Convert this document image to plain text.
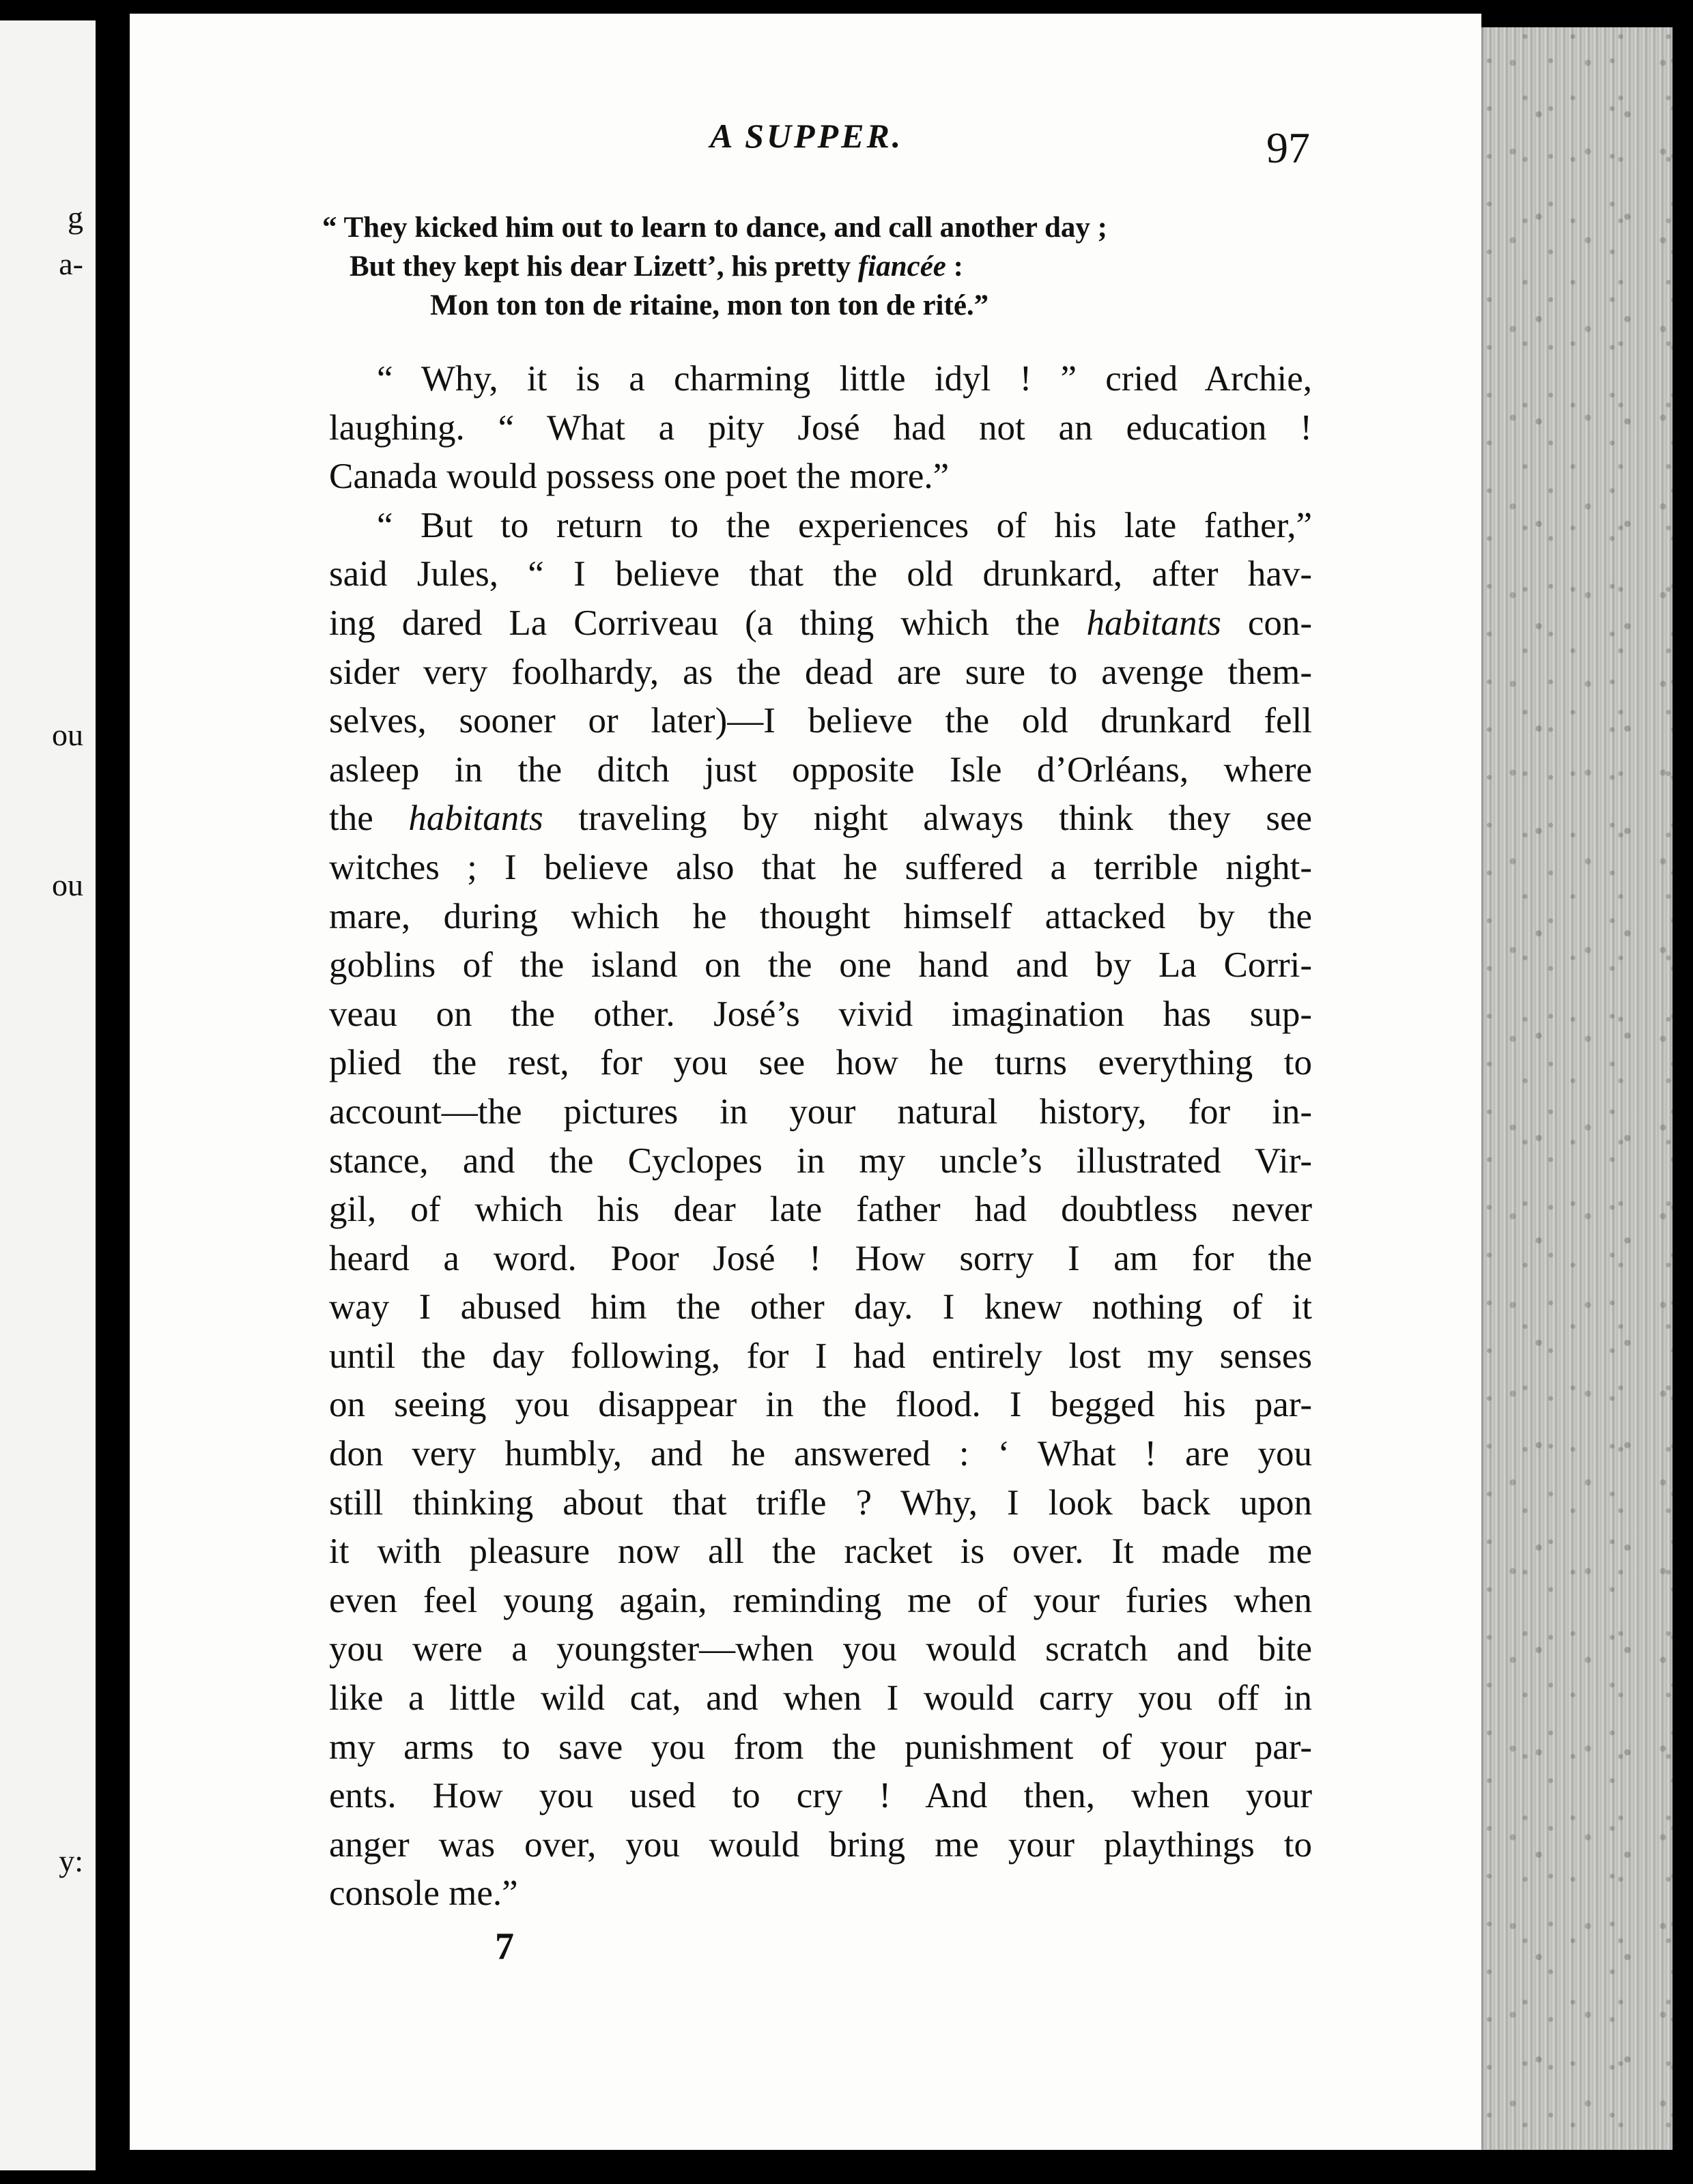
g
a-
ou
ou
y:
A SUPPER.	97
“ They kicked him out to learn to dance, and call another day ;
But they kept his dear Lizett’, his pretty fiancée :
Mon ton ton de ritaine, mon ton ton de rité.”
“ Why, it is a charming little idyl ! ” cried Archie,
laughing. “ What a pity José had not an education !
Canada would possess one poet the more.”
“ But to return to the experiences of his late father,”
said Jules, “ I believe that the old drunkard, after hav-
ing dared La Corriveau (a thing which the habitants con-
sider very foolhardy, as the dead are sure to avenge them-
selves, sooner or later)—I believe the old drunkard fell
asleep in the ditch just opposite Isle d’Orléans, where
the habitants traveling by night always think they see
witches ; I believe also that he suffered a terrible night-
mare, during which he thought himself attacked by the
goblins of the island on the one hand and by La Corri-
veau on the other. José’s vivid imagination has sup-
plied the rest, for you see how he turns everything to
account—the pictures in your natural history, for in-
stance, and the Cyclopes in my uncle’s illustrated Vir-
gil, of which his dear late father had doubtless never
heard a word. Poor José ! How sorry I am for the
way I abused him the other day. I knew nothing of it
until the day following, for I had entirely lost my senses
on seeing you disappear in the flood. I begged his par-
don very humbly, and he answered : ‘ What ! are you
still thinking about that trifle ? Why, I look back upon
it with pleasure now all the racket is over. It made me
even feel young again, reminding me of your furies when
you were a youngster—when you would scratch and bite
like a little wild cat, and when I would carry you off in
my arms to save you from the punishment of your par-
ents. How you used to cry ! And then, when your
anger was over, you would bring me your playthings to
console me.”
7
